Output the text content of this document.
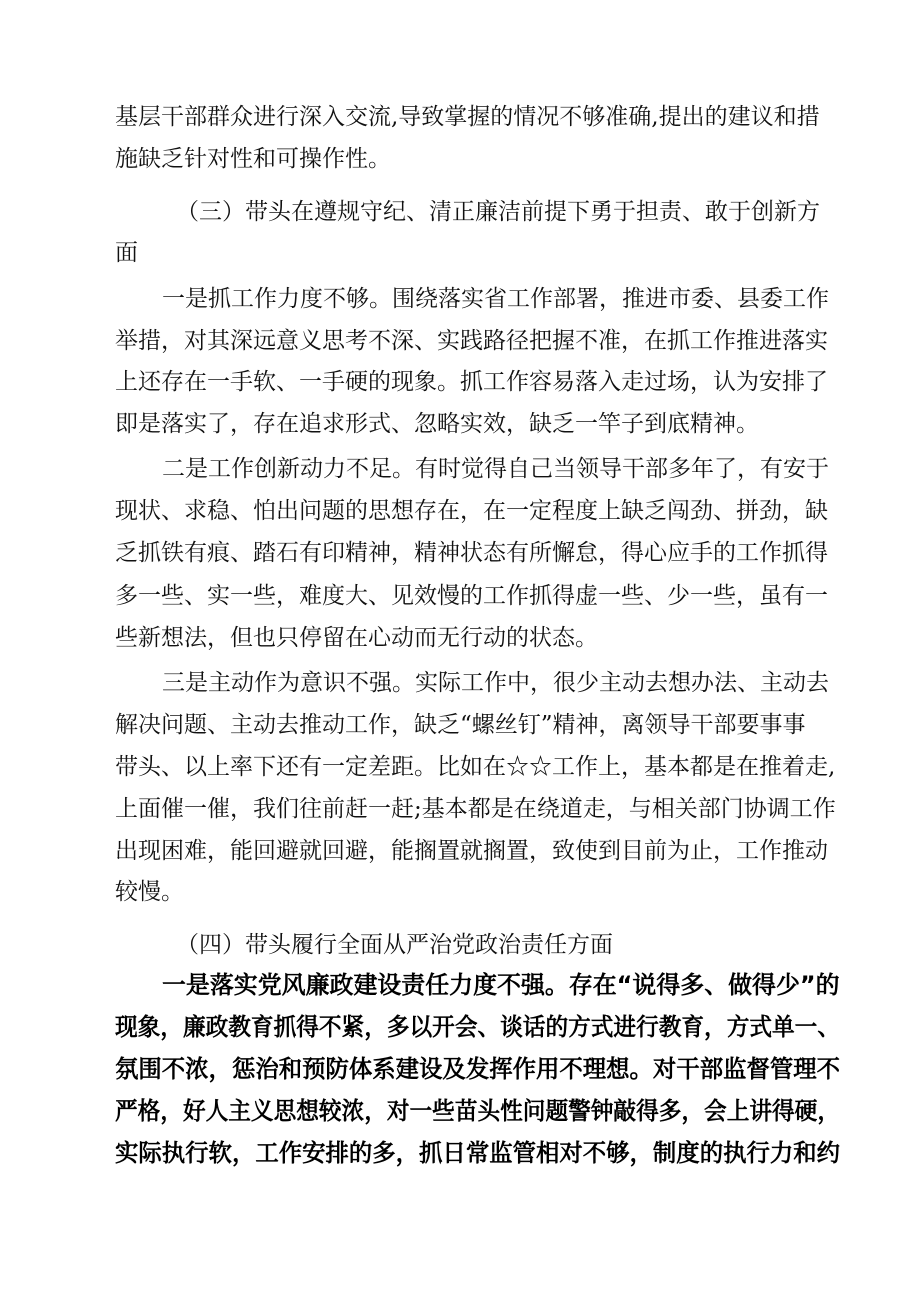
基层干部群众进行深入交流,导致掌握的情况不够准确,提出的建议和措

施缺乏针对性和可操作性。

（三）带头在遵规守纪、清正廉洁前提下勇于担责、敢于创新方

面

一是抓工作力度不够。围绕落实省工作部署，推进市委、县委工作

举措，对其深远意义思考不深、实践路径把握不准，在抓工作推进落实

上还存在一手软、一手硬的现象。抓工作容易落入走过场，认为安排了

即是落实了，存在追求形式、忽略实效，缺乏一竿子到底精神。

二是工作创新动力不足。有时觉得自己当领导干部多年了，有安于

现状、求稳、怕出问题的思想存在，在一定程度上缺乏闯劲、拼劲，缺

乏抓铁有痕、踏石有印精神，精神状态有所懈怠，得心应手的工作抓得

多一些、实一些，难度大、见效慢的工作抓得虚一些、少一些，虽有一

些新想法，但也只停留在心动而无行动的状态。

三是主动作为意识不强。实际工作中，很少主动去想办法、主动去

解决问题、主动去推动工作，缺乏“螺丝钉”精神，离领导干部要事事

带头、以上率下还有一定差距。比如在☆☆工作上，基本都是在推着走,

上面催一催，我们往前赶一赶;基本都是在绕道走，与相关部门协调工作

出现困难，能回避就回避，能搁置就搁置，致使到目前为止，工作推动

较慢。

（四）带头履行全面从严治党政治责任方面

一是落实党风廉政建设责任力度不强。存在“说得多、做得少”的

现象，廉政教育抓得不紧，多以开会、谈话的方式进行教育，方式单一、

氛围不浓，惩治和预防体系建设及发挥作用不理想。对干部监督管理不

严格，好人主义思想较浓，对一些苗头性问题警钟敲得多，会上讲得硬，

实际执行软，工作安排的多，抓日常监管相对不够，制度的执行力和约
